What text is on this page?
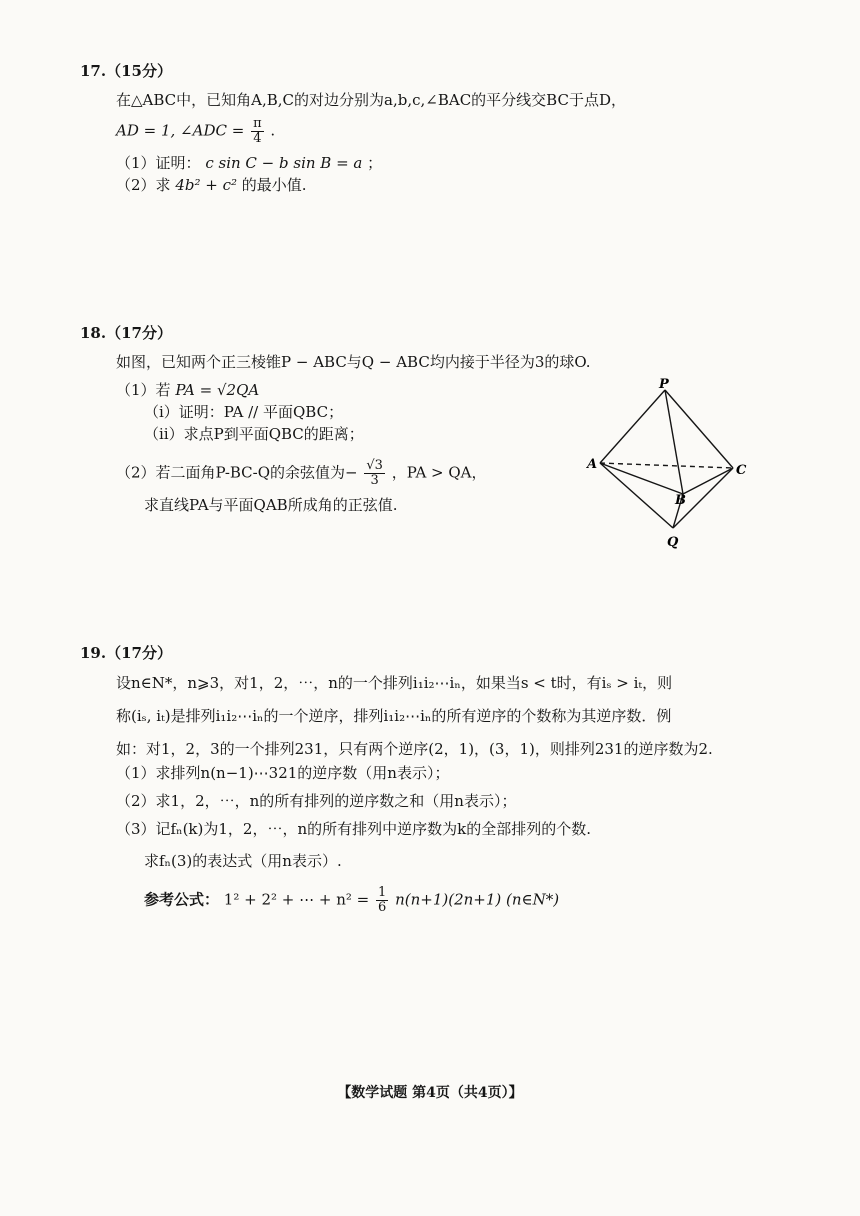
17.（15分）
在△ABC中，已知角A,B,C的对边分别为a,b,c,∠BAC的平分线交BC于点D，
AD = 1, ∠ADC = $\frac{\pi}{4}$ .
（1）证明： c sin C − b sin B = a ；
（2）求 4b² + c² 的最小值.
18.（17分）
如图，已知两个正三棱锥P − ABC与Q − ABC均内接于半径为3的球O.
（1）若 PA = √2QA
（ⅰ）证明：PA // 平面QBC；
（ⅱ）求点P到平面QBC的距离；
（2）若二面角P-BC-Q的余弦值为− $\frac{√3}{3}$ ，PA > QA，
求直线PA与平面QAB所成角的正弦值.
P
A
B
C
Q
19.（17分）
设n∈N*，n⩾3，对1，2，⋯，n的一个排列i₁i₂⋯iₙ，如果当s < t时，有iₛ > iₜ，则
称(iₛ, iₜ)是排列i₁i₂⋯iₙ的一个逆序，排列i₁i₂⋯iₙ的所有逆序的个数称为其逆序数．例
如：对1，2，3的一个排列231，只有两个逆序(2，1)，(3，1)，则排列231的逆序数为2.
（1）求排列n(n−1)⋯321的逆序数（用n表示）；
（2）求1，2，⋯，n的所有排列的逆序数之和（用n表示）；
（3）记fₙ(k)为1，2，⋯，n的所有排列中逆序数为k的全部排列的个数.
求fₙ(3)的表达式（用n表示）.
参考公式： 1² + 2² + ⋯ + $n^2 = \frac{1}{6} n(n+1)(2n+1)$ (n∈N*)
【数学试题 第4页（共4页）】
